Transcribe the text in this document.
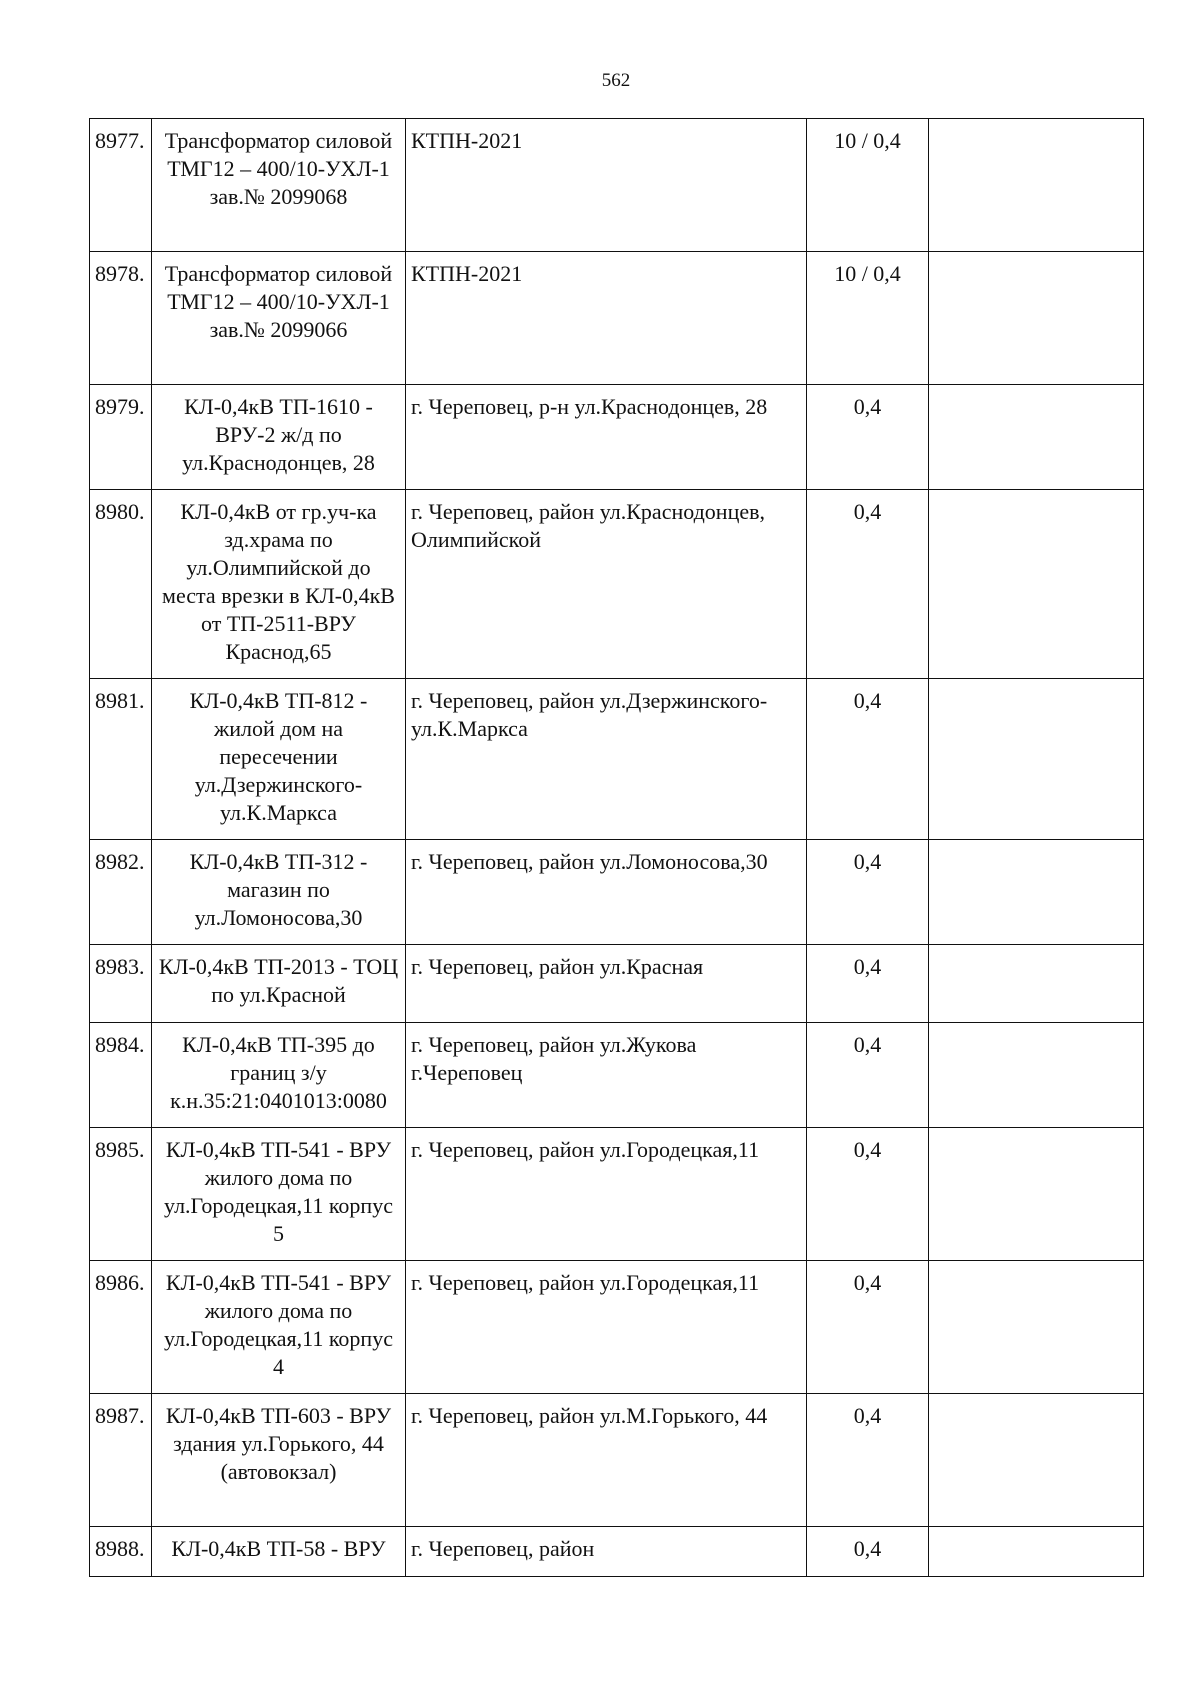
562
8977.	Трансформатор силовой ТМГ12 – 400/10-УХЛ-1 зав.№ 2099068	КТПН-2021	10 / 0,4	
8978.	Трансформатор силовой ТМГ12 – 400/10-УХЛ-1 зав.№ 2099066	КТПН-2021	10 / 0,4	
8979.	КЛ-0,4кВ ТП-1610 - ВРУ-2 ж/д по ул.Краснодонцев, 28	г. Череповец, р-н ул.Краснодонцев, 28	0,4	
8980.	КЛ-0,4кВ от гр.уч-ка зд.храма по ул.Олимпийской до места врезки в КЛ-0,4кВ от ТП-2511-ВРУ Краснод,65	г. Череповец, район ул.Краснодонцев, Олимпийской	0,4	
8981.	КЛ-0,4кВ ТП-812 - жилой дом на пересечении ул.Дзержинского-ул.К.Маркса	г. Череповец, район ул.Дзержинского-ул.К.Маркса	0,4	
8982.	КЛ-0,4кВ ТП-312 - магазин по ул.Ломоносова,30	г. Череповец, район ул.Ломоносова,30	0,4	
8983.	КЛ-0,4кВ ТП-2013 - ТОЦ по ул.Красной	г. Череповец, район ул.Красная	0,4	
8984.	КЛ-0,4кВ ТП-395 до границ з/у к.н.35:21:0401013:0080	г. Череповец, район ул.Жукова г.Череповец	0,4	
8985.	КЛ-0,4кВ ТП-541 - ВРУ жилого дома по ул.Городецкая,11 корпус 5	г. Череповец, район ул.Городецкая,11	0,4	
8986.	КЛ-0,4кВ ТП-541 - ВРУ жилого дома по ул.Городецкая,11 корпус 4	г. Череповец, район ул.Городецкая,11	0,4	
8987.	КЛ-0,4кВ ТП-603 - ВРУ здания ул.Горького, 44 (автовокзал)	г. Череповец, район ул.М.Горького, 44	0,4	
8988.	КЛ-0,4кВ ТП-58 - ВРУ	г. Череповец, район	0,4	
